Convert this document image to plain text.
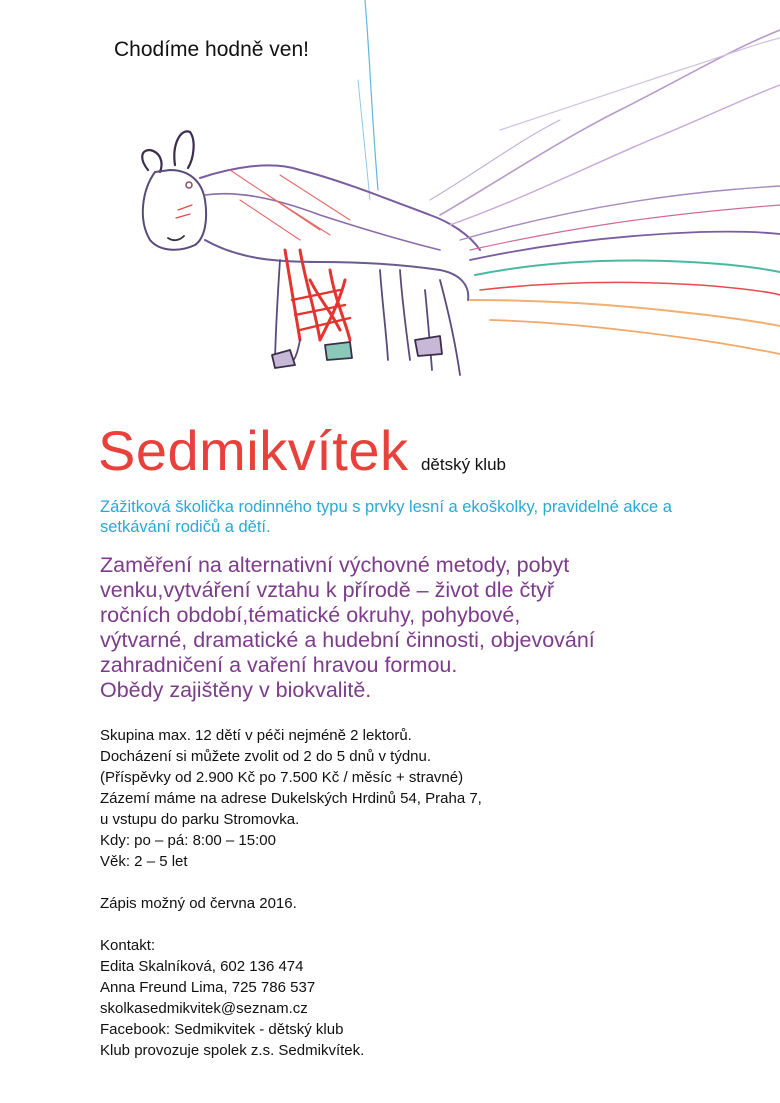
Chodíme hodně ven!
Sedmikvítek dětský klub
Zážitková školička rodinného typu s prvky lesní a ekoškolky, pravidelné akce a setkávání rodičů a dětí.
Zaměření na alternativní výchovné metody, pobyt
venku,vytváření vztahu k přírodě – život dle čtyř
ročních období,tématické okruhy, pohybové,
výtvarné, dramatické a hudební činnosti, objevování
zahradničení a vaření hravou formou.
Obědy zajištěny v biokvalitě.
Skupina max. 12 dětí v péči nejméně 2 lektorů.
Docházení si můžete zvolit od 2 do 5 dnů v týdnu.
(Příspěvky od 2.900 Kč po 7.500 Kč / měsíc + stravné)
Zázemí máme na adrese Dukelských Hrdinů 54, Praha 7,
u vstupu do parku Stromovka.
Kdy: po – pá: 8:00 – 15:00
Věk: 2 – 5 let
Zápis možný od června 2016.
Kontakt:
Edita Skalníková, 602 136 474
Anna Freund Lima, 725 786 537
skolkasedmikvitek@seznam.cz
Facebook: Sedmikvitek - dětský klub
Klub provozuje spolek z.s. Sedmikvítek.
